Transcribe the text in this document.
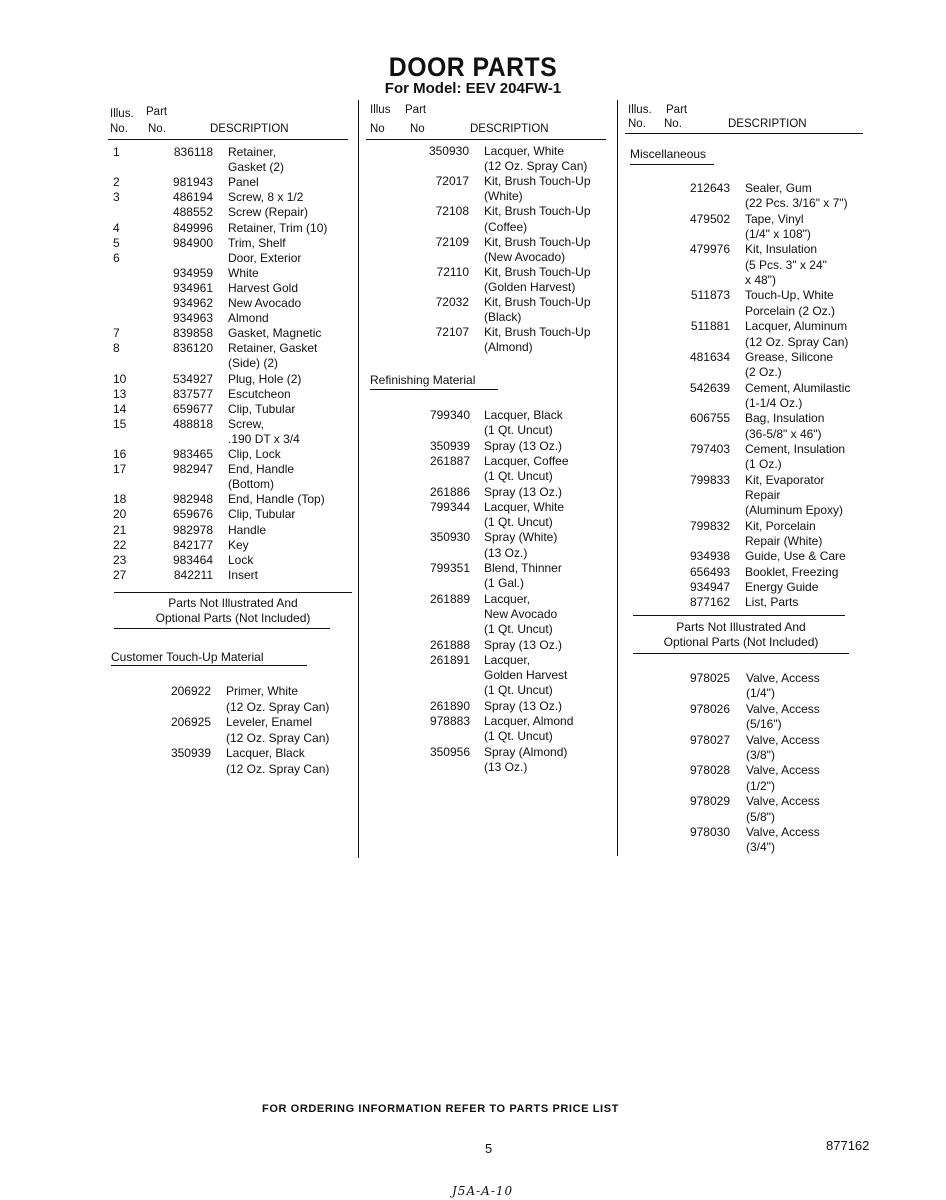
DOOR PARTS
For Model: EEV 204FW-1
Illus. Part
No. No.	DESCRIPTION
1	836118 Retainer,
Gasket (2)
2	981943 Panel
3	486194 Screw, 8 x 1/2
488552 Screw (Repair)
4	849996 Retainer, Trim (10)
5	984900 Trim, Shelf
6	Door, Exterior
934959 White
934961 Harvest Gold
934962 New Avocado
934963 Almond
7	839858 Gasket, Magnetic
8	836120 Retainer, Gasket
(Side) (2)
10	534927 Plug, Hole (2)
13	837577 Escutcheon
14	659677 Clip, Tubular
15	488818 Screw,
.190 DT x 3/4
16	983465 Clip, Lock
17	982947 End, Handle
(Bottom)
18	982948 End, Handle (Top)
20	659676 Clip, Tubular
21	982978 Handle
22	842177 Key
23	983464 Lock
27	842211 Insert
Parts Not Illustrated And
Optional Parts (Not Included)
Customer Touch-Up Material
206922 Primer, White
(12 Oz. Spray Can)
206925 Leveler, Enamel
(12 Oz. Spray Can)
350939 Lacquer, Black
(12 Oz. Spray Can)
Illus Part
No No	DESCRIPTION
350930 Lacquer, White
(12 Oz. Spray Can)
72017 Kit, Brush Touch-Up
(White)
72108 Kit, Brush Touch-Up
(Coffee)
72109 Kit, Brush Touch-Up
(New Avocado)
72110 Kit, Brush Touch-Up
(Golden Harvest)
72032 Kit, Brush Touch-Up
(Black)
72107 Kit, Brush Touch-Up
(Almond)
Refinishing Material
799340 Lacquer, Black
(1 Qt. Uncut)
350939 Spray (13 Oz.)
261887 Lacquer, Coffee
(1 Qt. Uncut)
261886 Spray (13 Oz.)
799344 Lacquer, White
(1 Qt. Uncut)
350930 Spray (White)
(13 Oz.)
799351 Blend, Thinner
(1 Gal.)
261889 Lacquer,
New Avocado
(1 Qt. Uncut)
261888 Spray (13 Oz.)
261891 Lacquer,
Golden Harvest
(1 Qt. Uncut)
261890 Spray (13 Oz.)
978883 Lacquer, Almond
(1 Qt. Uncut)
350956 Spray (Almond)
(13 Oz.)
Illus. Part
No. No.	DESCRIPTION
Miscellaneous
212643 Sealer, Gum
(22 Pcs. 3/16" x 7")
479502 Tape, Vinyl
(1/4" x 108")
479976 Kit, Insulation
(5 Pcs. 3" x 24"
x 48")
511873 Touch-Up, White
Porcelain (2 Oz.)
511881 Lacquer, Aluminum
(12 Oz. Spray Can)
481634 Grease, Silicone
(2 Oz.)
542639 Cement, Alumilastic
(1-1/4 Oz.)
606755 Bag, Insulation
(36-5/8" x 46")
797403 Cement, Insulation
(1 Oz.)
799833 Kit, Evaporator
Repair
(Aluminum Epoxy)
799832 Kit, Porcelain
Repair (White)
934938 Guide, Use & Care
656493 Booklet, Freezing
934947 Energy Guide
877162 List, Parts
Parts Not Illustrated And
Optional Parts (Not Included)
978025 Valve, Access
(1/4")
978026 Valve, Access
(5/16")
978027 Valve, Access
(3/8")
978028 Valve, Access
(1/2")
978029 Valve, Access
(5/8")
978030 Valve, Access
(3/4")
FOR ORDERING INFORMATION REFER TO PARTS PRICE LIST
5	877162
J5A-A-10
